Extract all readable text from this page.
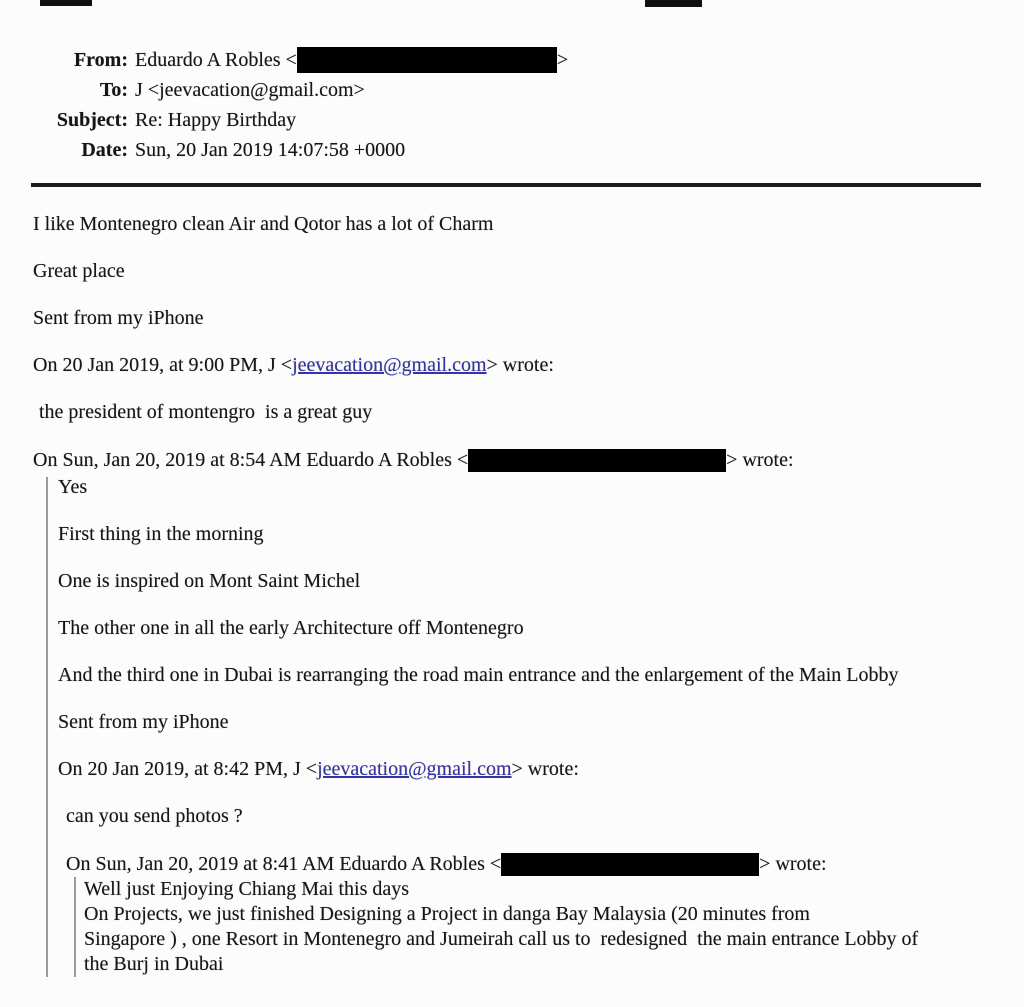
From: Eduardo A Robles <	>
To: J <jeevacation@gmail.com>
Subject: Re: Happy Birthday
Date: Sun, 20 Jan 2019 14:07:58 +0000
I like Montenegro clean Air and Qotor has a lot of Charm
Great place
Sent from my iPhone
On 20 Jan 2019, at 9:00 PM, J <jeevacation@gmail.com> wrote:
the president of montengro  is a great guy
On Sun, Jan 20, 2019 at 8:54 AM Eduardo A Robles <	> wrote:
Yes
First thing in the morning
One is inspired on Mont Saint Michel
The other one in all the early Architecture off Montenegro
And the third one in Dubai is rearranging the road main entrance and the enlargement of the Main Lobby
Sent from my iPhone
On 20 Jan 2019, at 8:42 PM, J <jeevacation@gmail.com> wrote:
can you send photos ?
On Sun, Jan 20, 2019 at 8:41 AM Eduardo A Robles <	> wrote:
Well just Enjoying Chiang Mai this days
On Projects, we just finished Designing a Project in danga Bay Malaysia (20 minutes from
Singapore ) , one Resort in Montenegro and Jumeirah call us to  redesigned  the main entrance Lobby of
the Burj in Dubai
